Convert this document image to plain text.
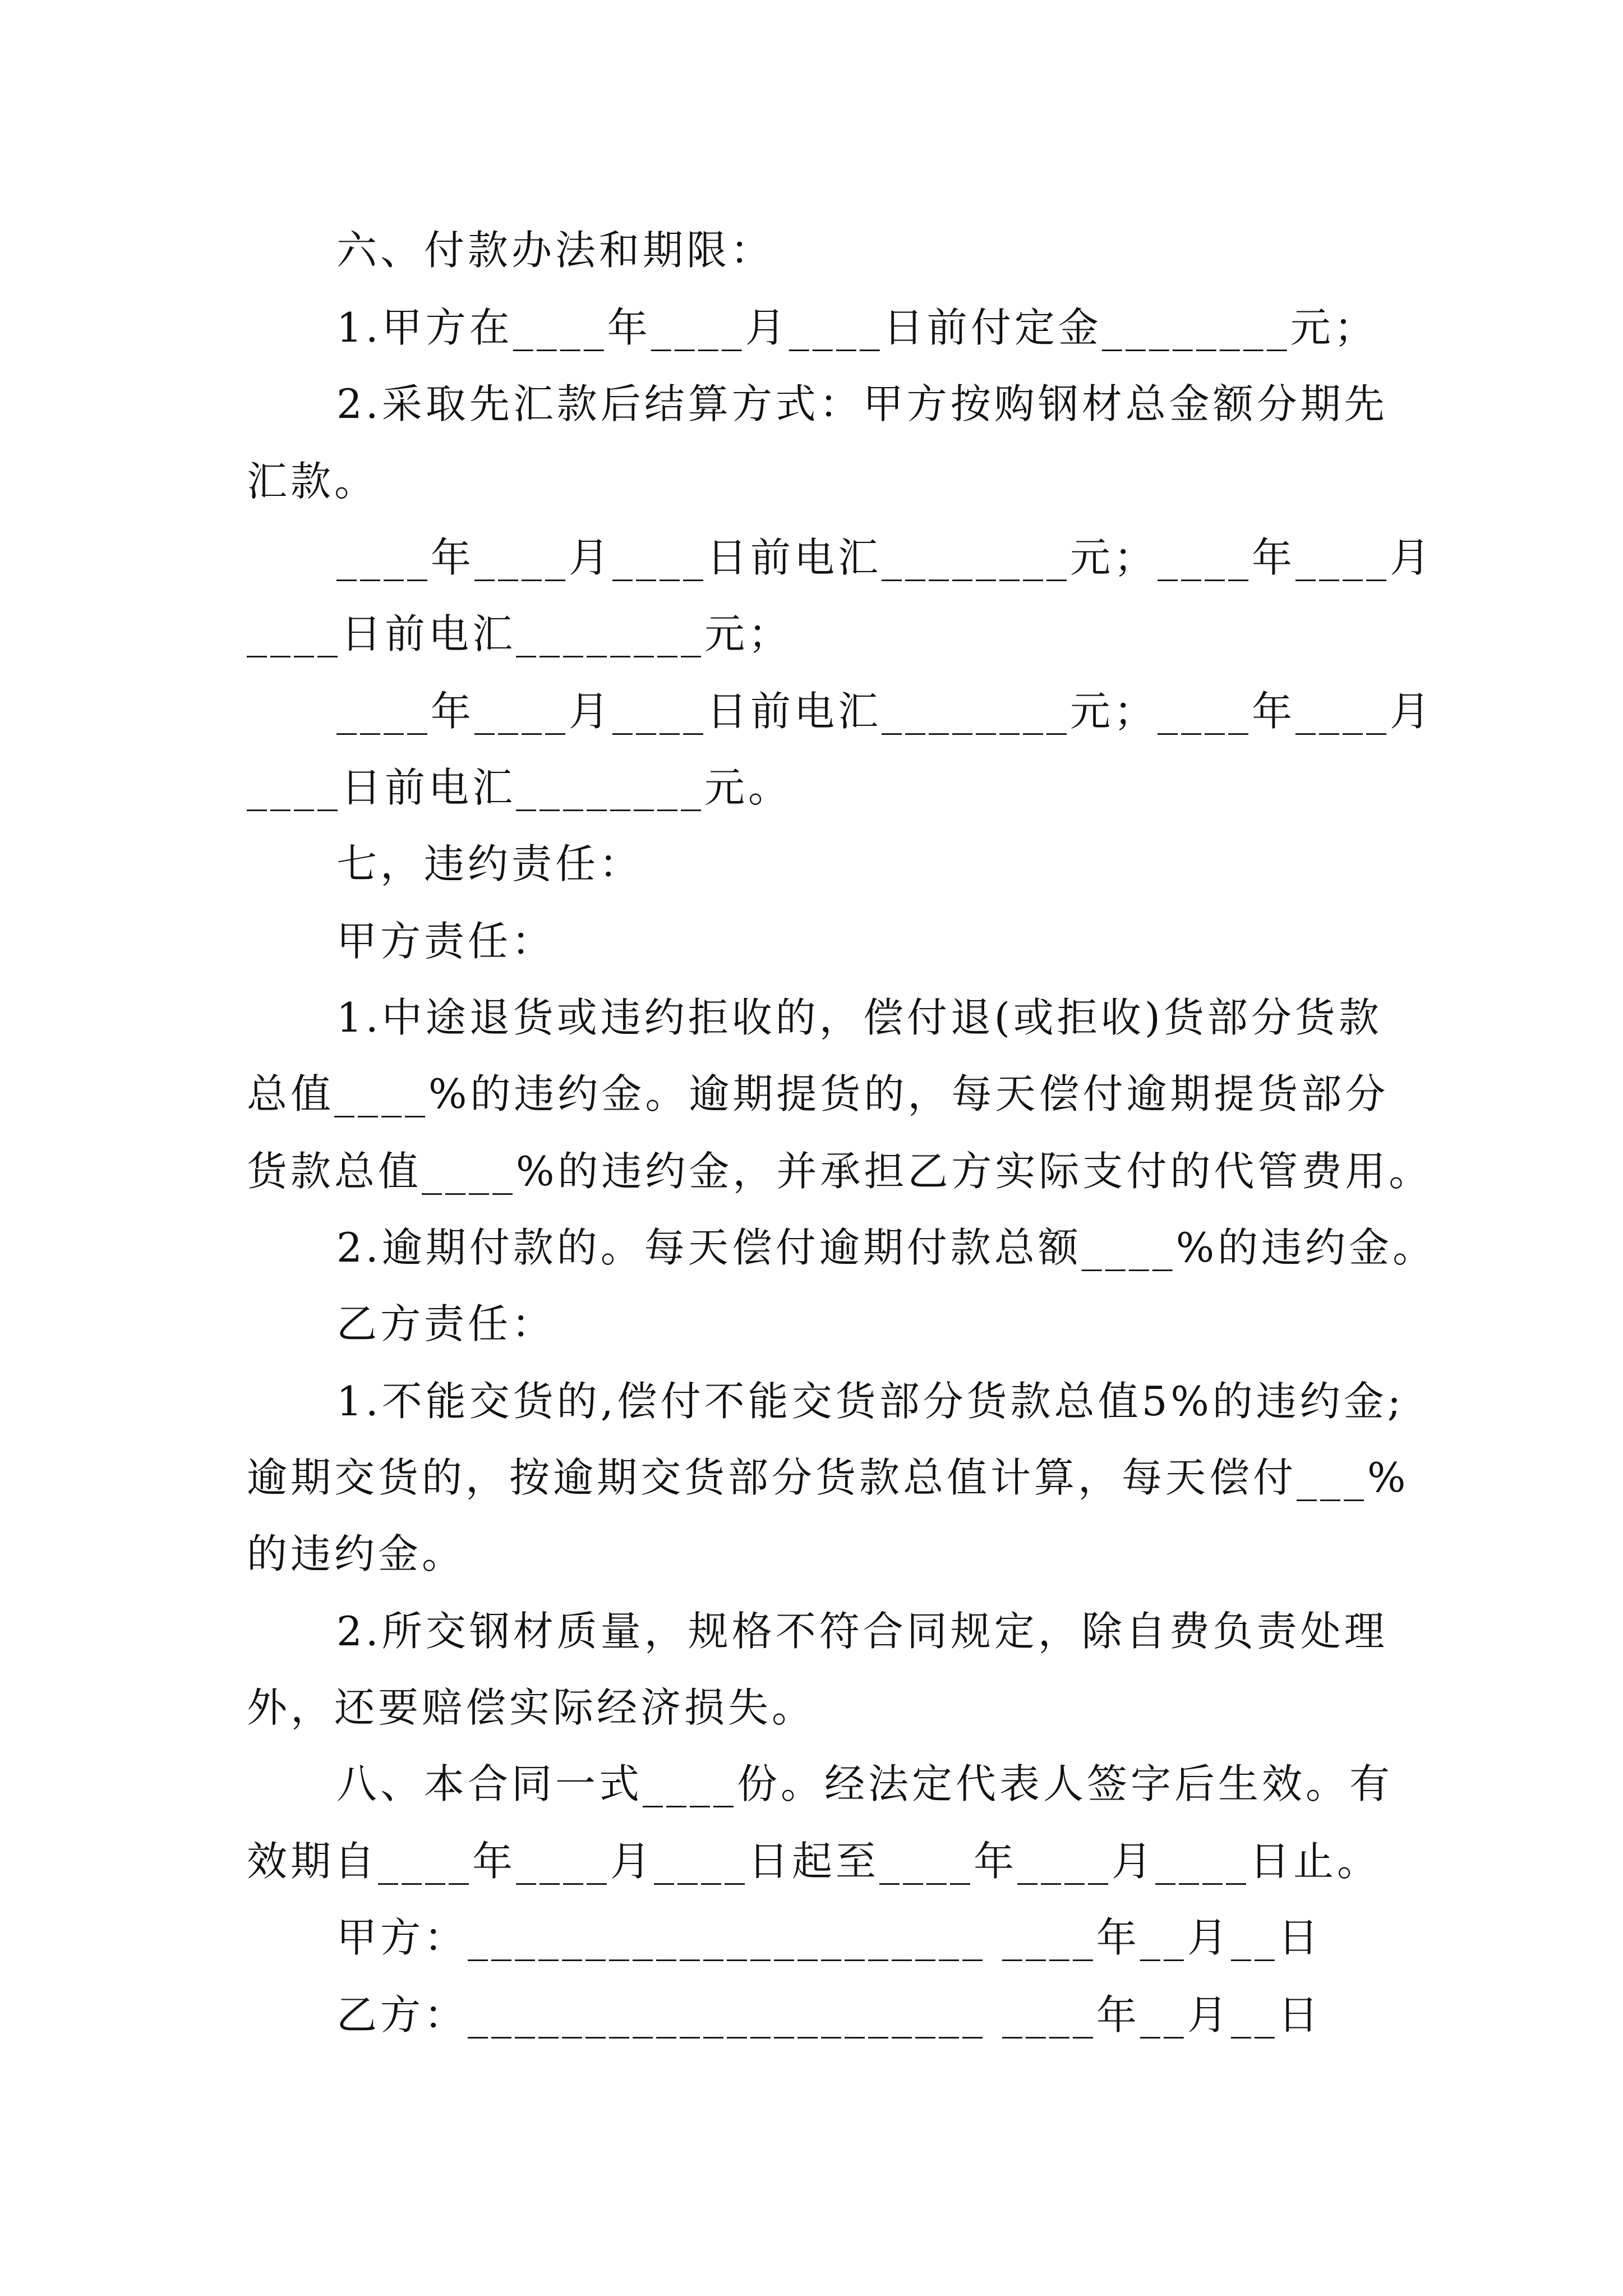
六、付款办法和期限：
1.甲方在____年____月____日前付定金________元；
2.采取先汇款后结算方式：甲方按购钢材总金额分期先
汇款。
____年____月____日前电汇________元；____年____月
____日前电汇________元；
____年____月____日前电汇________元；____年____月
____日前电汇________元。
七，违约责任：
甲方责任：
1.中途退货或违约拒收的，偿付退(或拒收)货部分货款
总值____%的违约金。逾期提货的，每天偿付逾期提货部分
货款总值____%的违约金，并承担乙方实际支付的代管费用。
2.逾期付款的。每天偿付逾期付款总额____%的违约金。
乙方责任：
1.不能交货的,偿付不能交货部分货款总值5%的违约金;
逾期交货的，按逾期交货部分货款总值计算，每天偿付___%
的违约金。
2.所交钢材质量，规格不符合同规定，除自费负责处理
外，还要赔偿实际经济损失。
八、本合同一式____份。经法定代表人签字后生效。有
效期自____年____月____日起至____年____月____日止。
甲方：______________________ ____年__月__日
乙方：______________________ ____年__月__日
